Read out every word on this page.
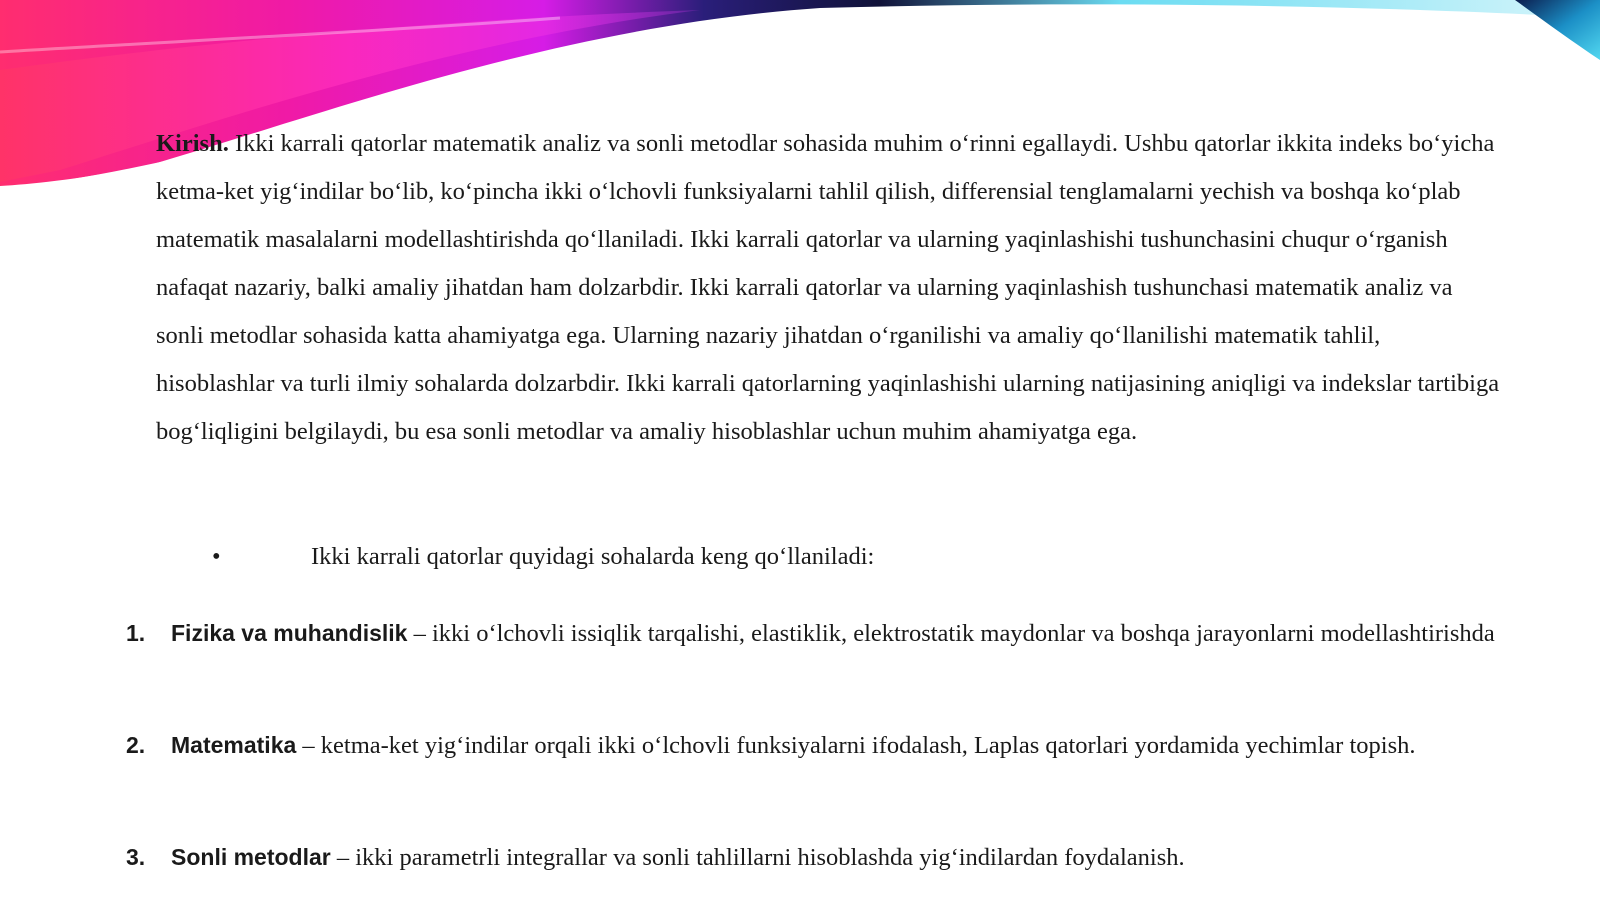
Kirish. Ikki karrali qatorlar matematik analiz va sonli metodlar sohasida muhim o‘rinni egallaydi. Ushbu qatorlar ikkita indeks bo‘yicha ketma-ket yig‘indilar bo‘lib, ko‘pincha ikki o‘lchovli funksiyalarni tahlil qilish, differensial tenglamalarni yechish va boshqa ko‘plab matematik masalalarni modellashtirishda qo‘llaniladi. Ikki karrali qatorlar va ularning yaqinlashishi tushunchasini chuqur o‘rganish nafaqat nazariy, balki amaliy jihatdan ham dolzarbdir. Ikki karrali qatorlar va ularning yaqinlashish tushunchasi matematik analiz va sonli metodlar sohasida katta ahamiyatga ega. Ularning nazariy jihatdan o‘rganilishi va amaliy qo‘llanilishi matematik tahlil, hisoblashlar va turli ilmiy sohalarda dolzarbdir. Ikki karrali qatorlarning yaqinlashishi ularning natijasining aniqligi va indekslar tartibiga bog‘liqligini belgilaydi, bu esa sonli metodlar va amaliy hisoblashlar uchun muhim ahamiyatga ega.

•	Ikki karrali qatorlar quyidagi sohalarda keng qo‘llaniladi:
1. Fizika va muhandislik – ikki o‘lchovli issiqlik tarqalishi, elastiklik, elektrostatik maydonlar va boshqa jarayonlarni modellashtirishda
2. Matematika – ketma-ket yig‘indilar orqali ikki o‘lchovli funksiyalarni ifodalash, Laplas qatorlari yordamida yechimlar topish.
3. Sonli metodlar – ikki parametrli integrallar va sonli tahlillarni hisoblashda yig‘indilardan foydalanish.
